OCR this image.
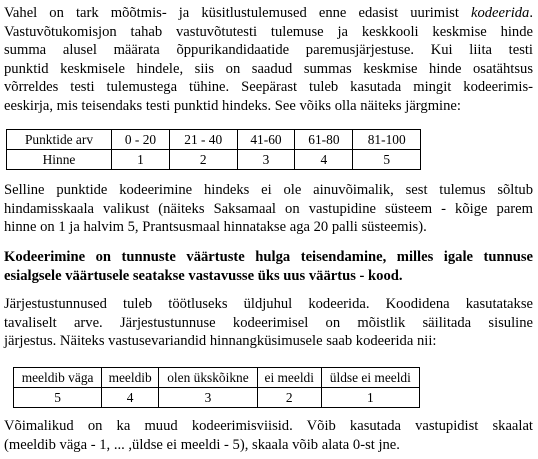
Vahel on tark mõõtmis- ja küsitlustulemused enne edasist uurimist kodeerida.
Vastuvõtukomisjon tahab vastuvõtutesti tulemuse ja keskkooli keskmise hinde
summa alusel määrata õppurikandidaatide paremusjärjestuse. Kui liita testi
punktid keskmisele hindele, siis on saadud summas keskmise hinde osatähtsus
võrreldes testi tulemustega tühine. Seepärast tuleb kasutada mingit kodeerimis-
eeskirja, mis teisendaks testi punktid hindeks. See võiks olla näiteks järgmine:
Punktide arv	0 - 20	21 - 40	41-60	61-80	81-100
Hinne	1	2	3	4	5
Selline punktide kodeerimine hindeks ei ole ainuvõimalik, sest tulemus sõltub
hindamisskaala valikust (näiteks Saksamaal on vastupidine süsteem - kõige parem
hinne on 1 ja halvim 5, Prantsusmaal hinnatakse aga 20 palli süsteemis).
Kodeerimine on tunnuste väärtuste hulga teisendamine, milles igale tunnuse
esialgsele väärtusele seatakse vastavusse üks uus väärtus - kood.
Järjestustunnused tuleb töötluseks üldjuhul kodeerida. Koodidena kasutatakse
tavaliselt arve. Järjestustunnuse kodeerimisel on mõistlik säilitada sisuline
järjestus. Näiteks vastusevariandid hinnangküsimusele saab kodeerida nii:
meeldib väga	meeldib	olen ükskõikne	ei meeldi	üldse ei meeldi
5	4	3	2	1
Võimalikud on ka muud kodeerimisviisid. Võib kasutada vastupidist skaalat
(meeldib väga - 1, ... ,üldse ei meeldi - 5), skaala võib alata 0-st jne.
